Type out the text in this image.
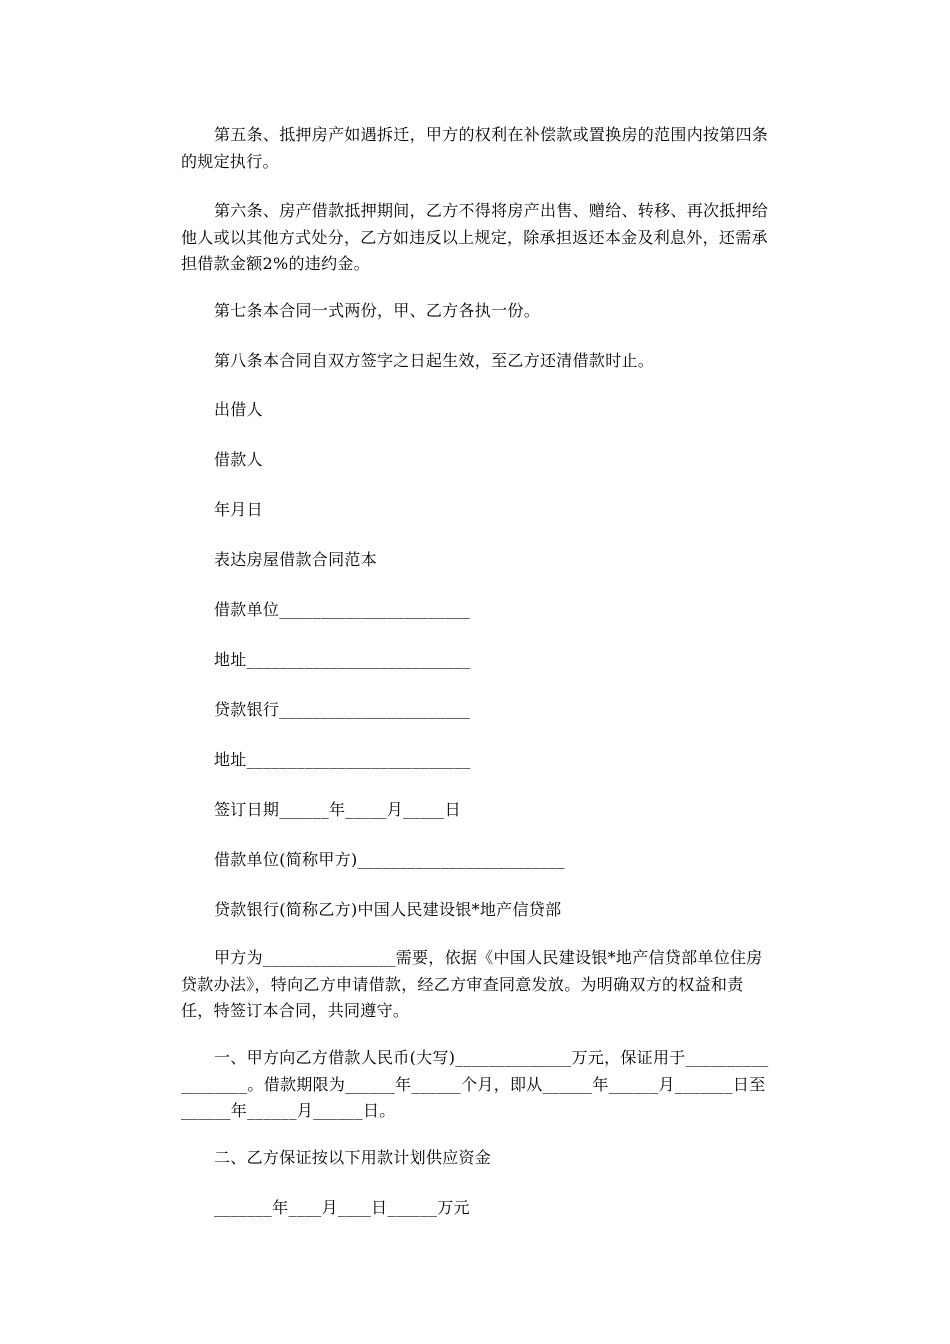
第五条、抵押房产如遇拆迁，甲方的权利在补偿款或置换房的范围内按第四条的规定执行。

第六条、房产借款抵押期间，乙方不得将房产出售、赠给、转移、再次抵押给他人或以其他方式处分，乙方如违反以上规定，除承担返还本金及利息外，还需承担借款金额2%的违约金。

第七条本合同一式两份，甲、乙方各执一份。

第八条本合同自双方签字之日起生效，至乙方还清借款时止。

出借人

借款人

年月日

表达房屋借款合同范本

借款单位_______________________

地址___________________________

贷款银行_______________________

地址___________________________

签订日期______年_____月_____日

借款单位(简称甲方)_________________________

贷款银行(简称乙方)中国人民建设银*地产信贷部

甲方为________________需要，依据《中国人民建设银*地产信贷部单位住房贷款办法》，特向乙方申请借款，经乙方审查同意发放。为明确双方的权益和责任，特签订本合同，共同遵守。

一、甲方向乙方借款人民币(大写)______________万元，保证用于__________________。借款期限为______年______个月，即从______年______月_______日至______年______月______日。

二、乙方保证按以下用款计划供应资金

_______年____月____日______万元
